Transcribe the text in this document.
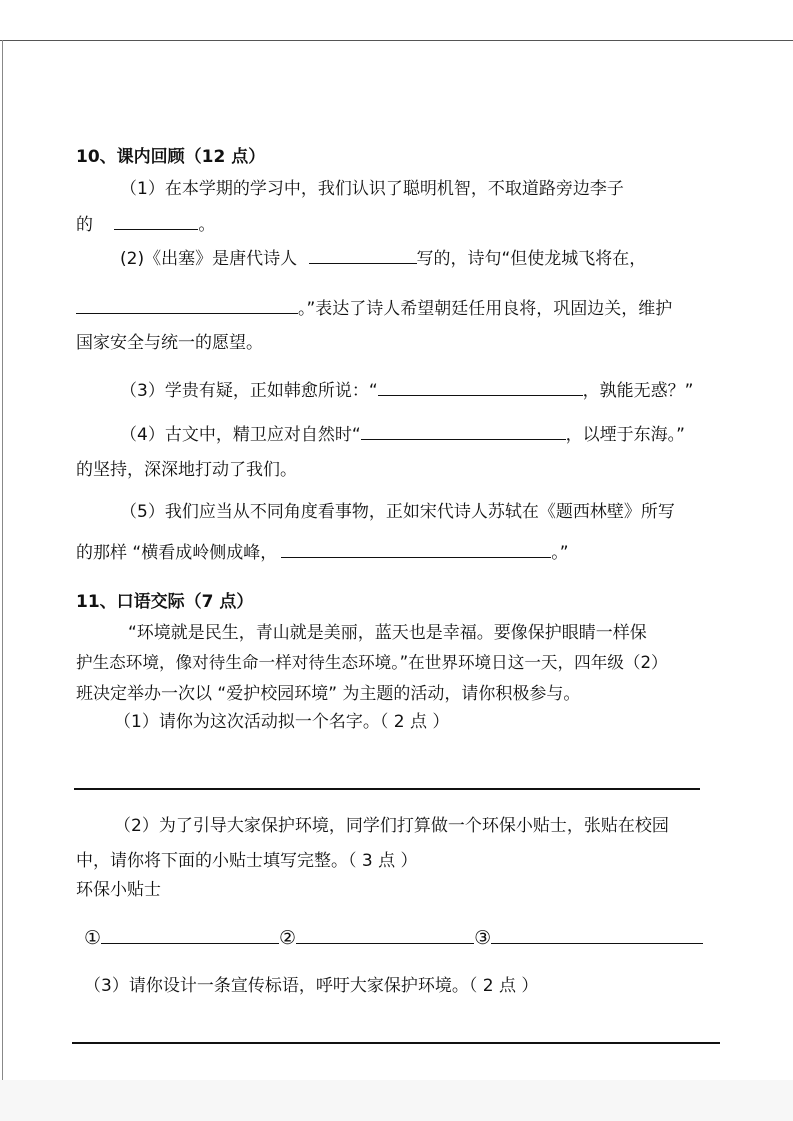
10、课内回顾（12 点）
（1）在本学期的学习中，我们认识了聪明机智，不取道路旁边李子
的	。
(2)《出塞》是唐代诗人	写的，诗句“但使龙城飞将在，
。”表达了诗人希望朝廷任用良将，巩固边关，维护
国家安全与统一的愿望。
（3）学贵有疑，正如韩愈所说：“	，孰能无惑？”
（4）古文中，精卫应对自然时“	，以堙于东海。”
的坚持，深深地打动了我们。
（5）我们应当从不同角度看事物，正如宋代诗人苏轼在《题西林壁》所写
的那样 “横看成岭侧成峰，	。”
11、口语交际（7 点）
“环境就是民生，青山就是美丽，蓝天也是幸福。要像保护眼睛一样保
护生态环境，像对待生命一样对待生态环境。”在世界环境日这一天，四年级（2）
班决定举办一次以 “爱护校园环境” 为主题的活动，请你积极参与。
（1）请你为这次活动拟一个名字。（ 2 点 ）
（2）为了引导大家保护环境，同学们打算做一个环保小贴士，张贴在校园
中，请你将下面的小贴士填写完整。（ 3 点 ）
环保小贴士
①	②	③
（3）请你设计一条宣传标语，呼吁大家保护环境。（ 2 点 ）
